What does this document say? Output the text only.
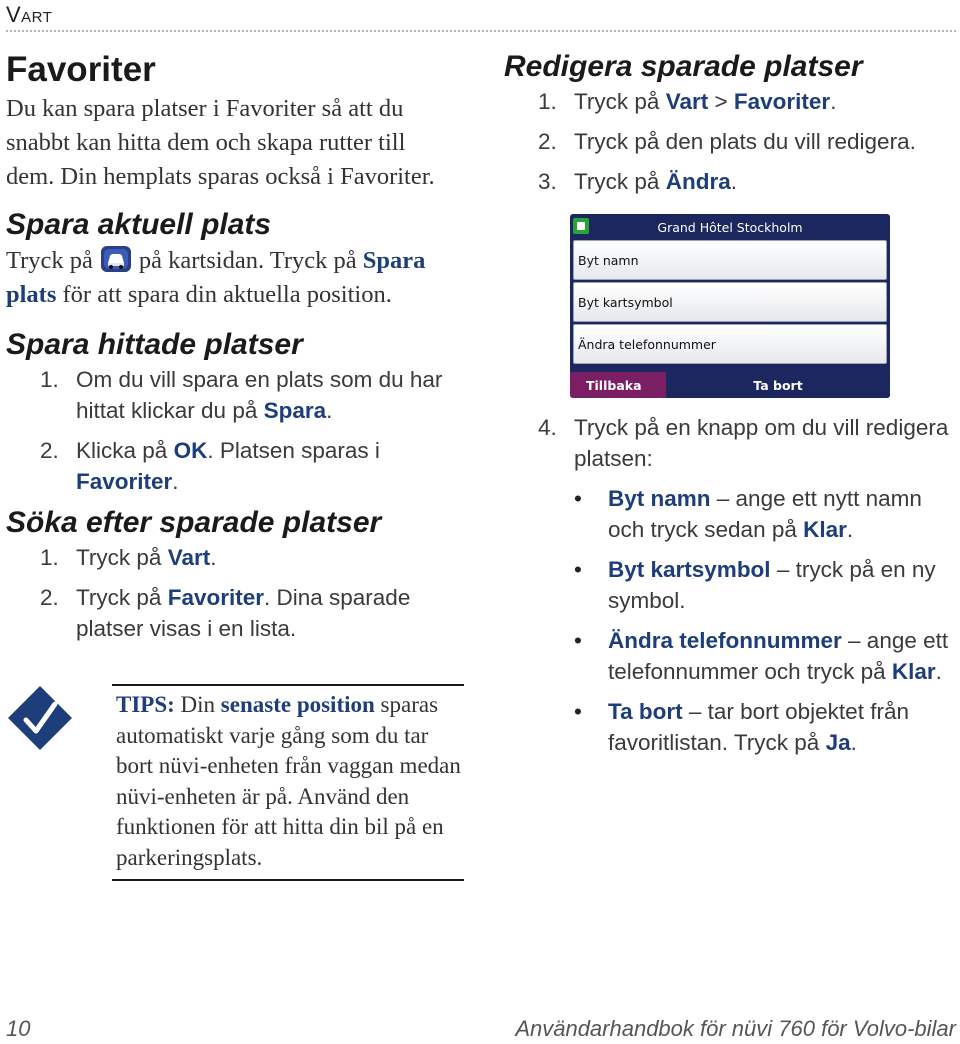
Vart
Favoriter

Du kan spara platser i Favoriter så att du snabbt kan hitta dem och skapa rutter till dem. Din hemplats sparas också i Favoriter.

Spara aktuell plats

Tryck på på kartsidan. Tryck på Spara plats för att spara din aktuella position.

Spara hittade platser
1. Om du vill spara en plats som du har hittat klickar du på Spara.
2. Klicka på OK. Platsen sparas i Favoriter.
Söka efter sparade platser
1. Tryck på Vart.
2. Tryck på Favoriter. Dina sparade platser visas i en lista.

TIPS: Din senaste position sparas automatiskt varje gång som du tar bort nüvi-enheten från vaggan medan nüvi-enheten är på. Använd den funktionen för att hitta din bil på en parkeringsplats.

Redigera sparade platser
1. Tryck på Vart > Favoriter.
2. Tryck på den plats du vill redigera.
3. Tryck på Ändra.
Grand Hôtel Stockholm
Byt namn
Byt kartsymbol
Ändra telefonnummer
Tillbaka	Ta bort
4. Tryck på en knapp om du vill redigera platsen:
• Byt namn – ange ett nytt namn och tryck sedan på Klar.
• Byt kartsymbol – tryck på en ny symbol.
• Ändra telefonnummer – ange ett telefonnummer och tryck på Klar.
• Ta bort – tar bort objektet från favoritlistan. Tryck på Ja.
10	Användarhandbok för nüvi 760 för Volvo-bilar
